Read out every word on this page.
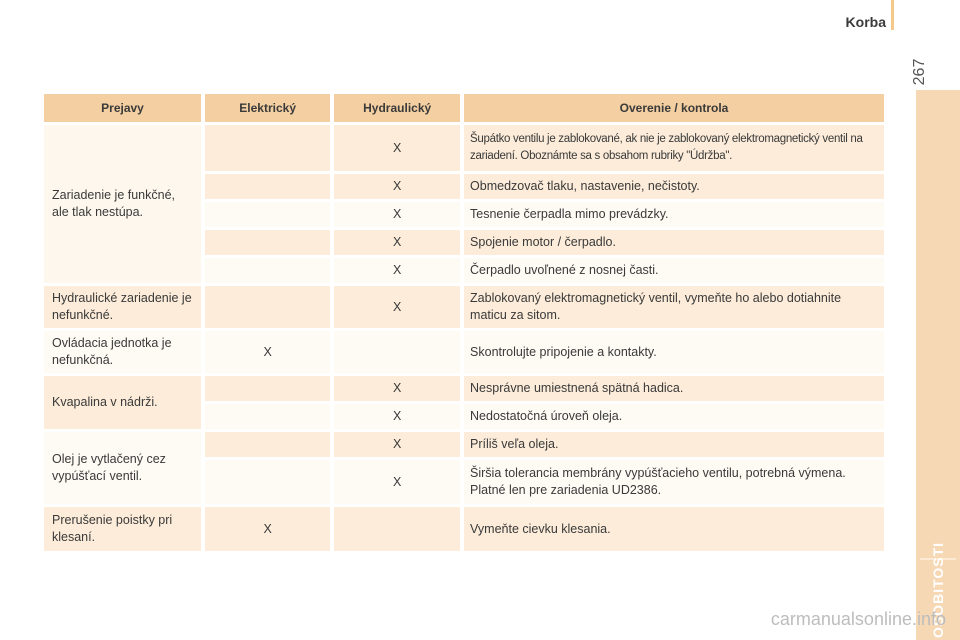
Korba
267
OSOBITOSTI
Prejavy	Elektrický	Hydraulický	Overenie / kontrola
Zariadenie je funkčné, ale tlak nestúpa.		X	Šupátko ventilu je zablokované, ak nie je zablokovaný elektromagnetický ventil na zariadení. Oboznámte sa s obsahom rubriky "Údržba".
		X	Obmedzovač tlaku, nastavenie, nečistoty.
		X	Tesnenie čerpadla mimo prevádzky.
		X	Spojenie motor / čerpadlo.
		X	Čerpadlo uvoľnené z nosnej časti.
Hydraulické zariadenie je nefunkčné.		X	Zablokovaný elektromagnetický ventil, vymeňte ho alebo dotiahnite maticu za sitom.
Ovládacia jednotka je nefunkčná.	X		Skontrolujte pripojenie a kontakty.
Kvapalina v nádrži.		X	Nesprávne umiestnená spätná hadica.
		X	Nedostatočná úroveň oleja.
Olej je vytlačený cez vypúšťací ventil.		X	Príliš veľa oleja.
		X	Širšia tolerancia membrány vypúšťacieho ventilu, potrebná výmena. Platné len pre zariadenia UD2386.
Prerušenie poistky pri klesaní.	X		Vymeňte cievku klesania.
carmanualsonline.info
